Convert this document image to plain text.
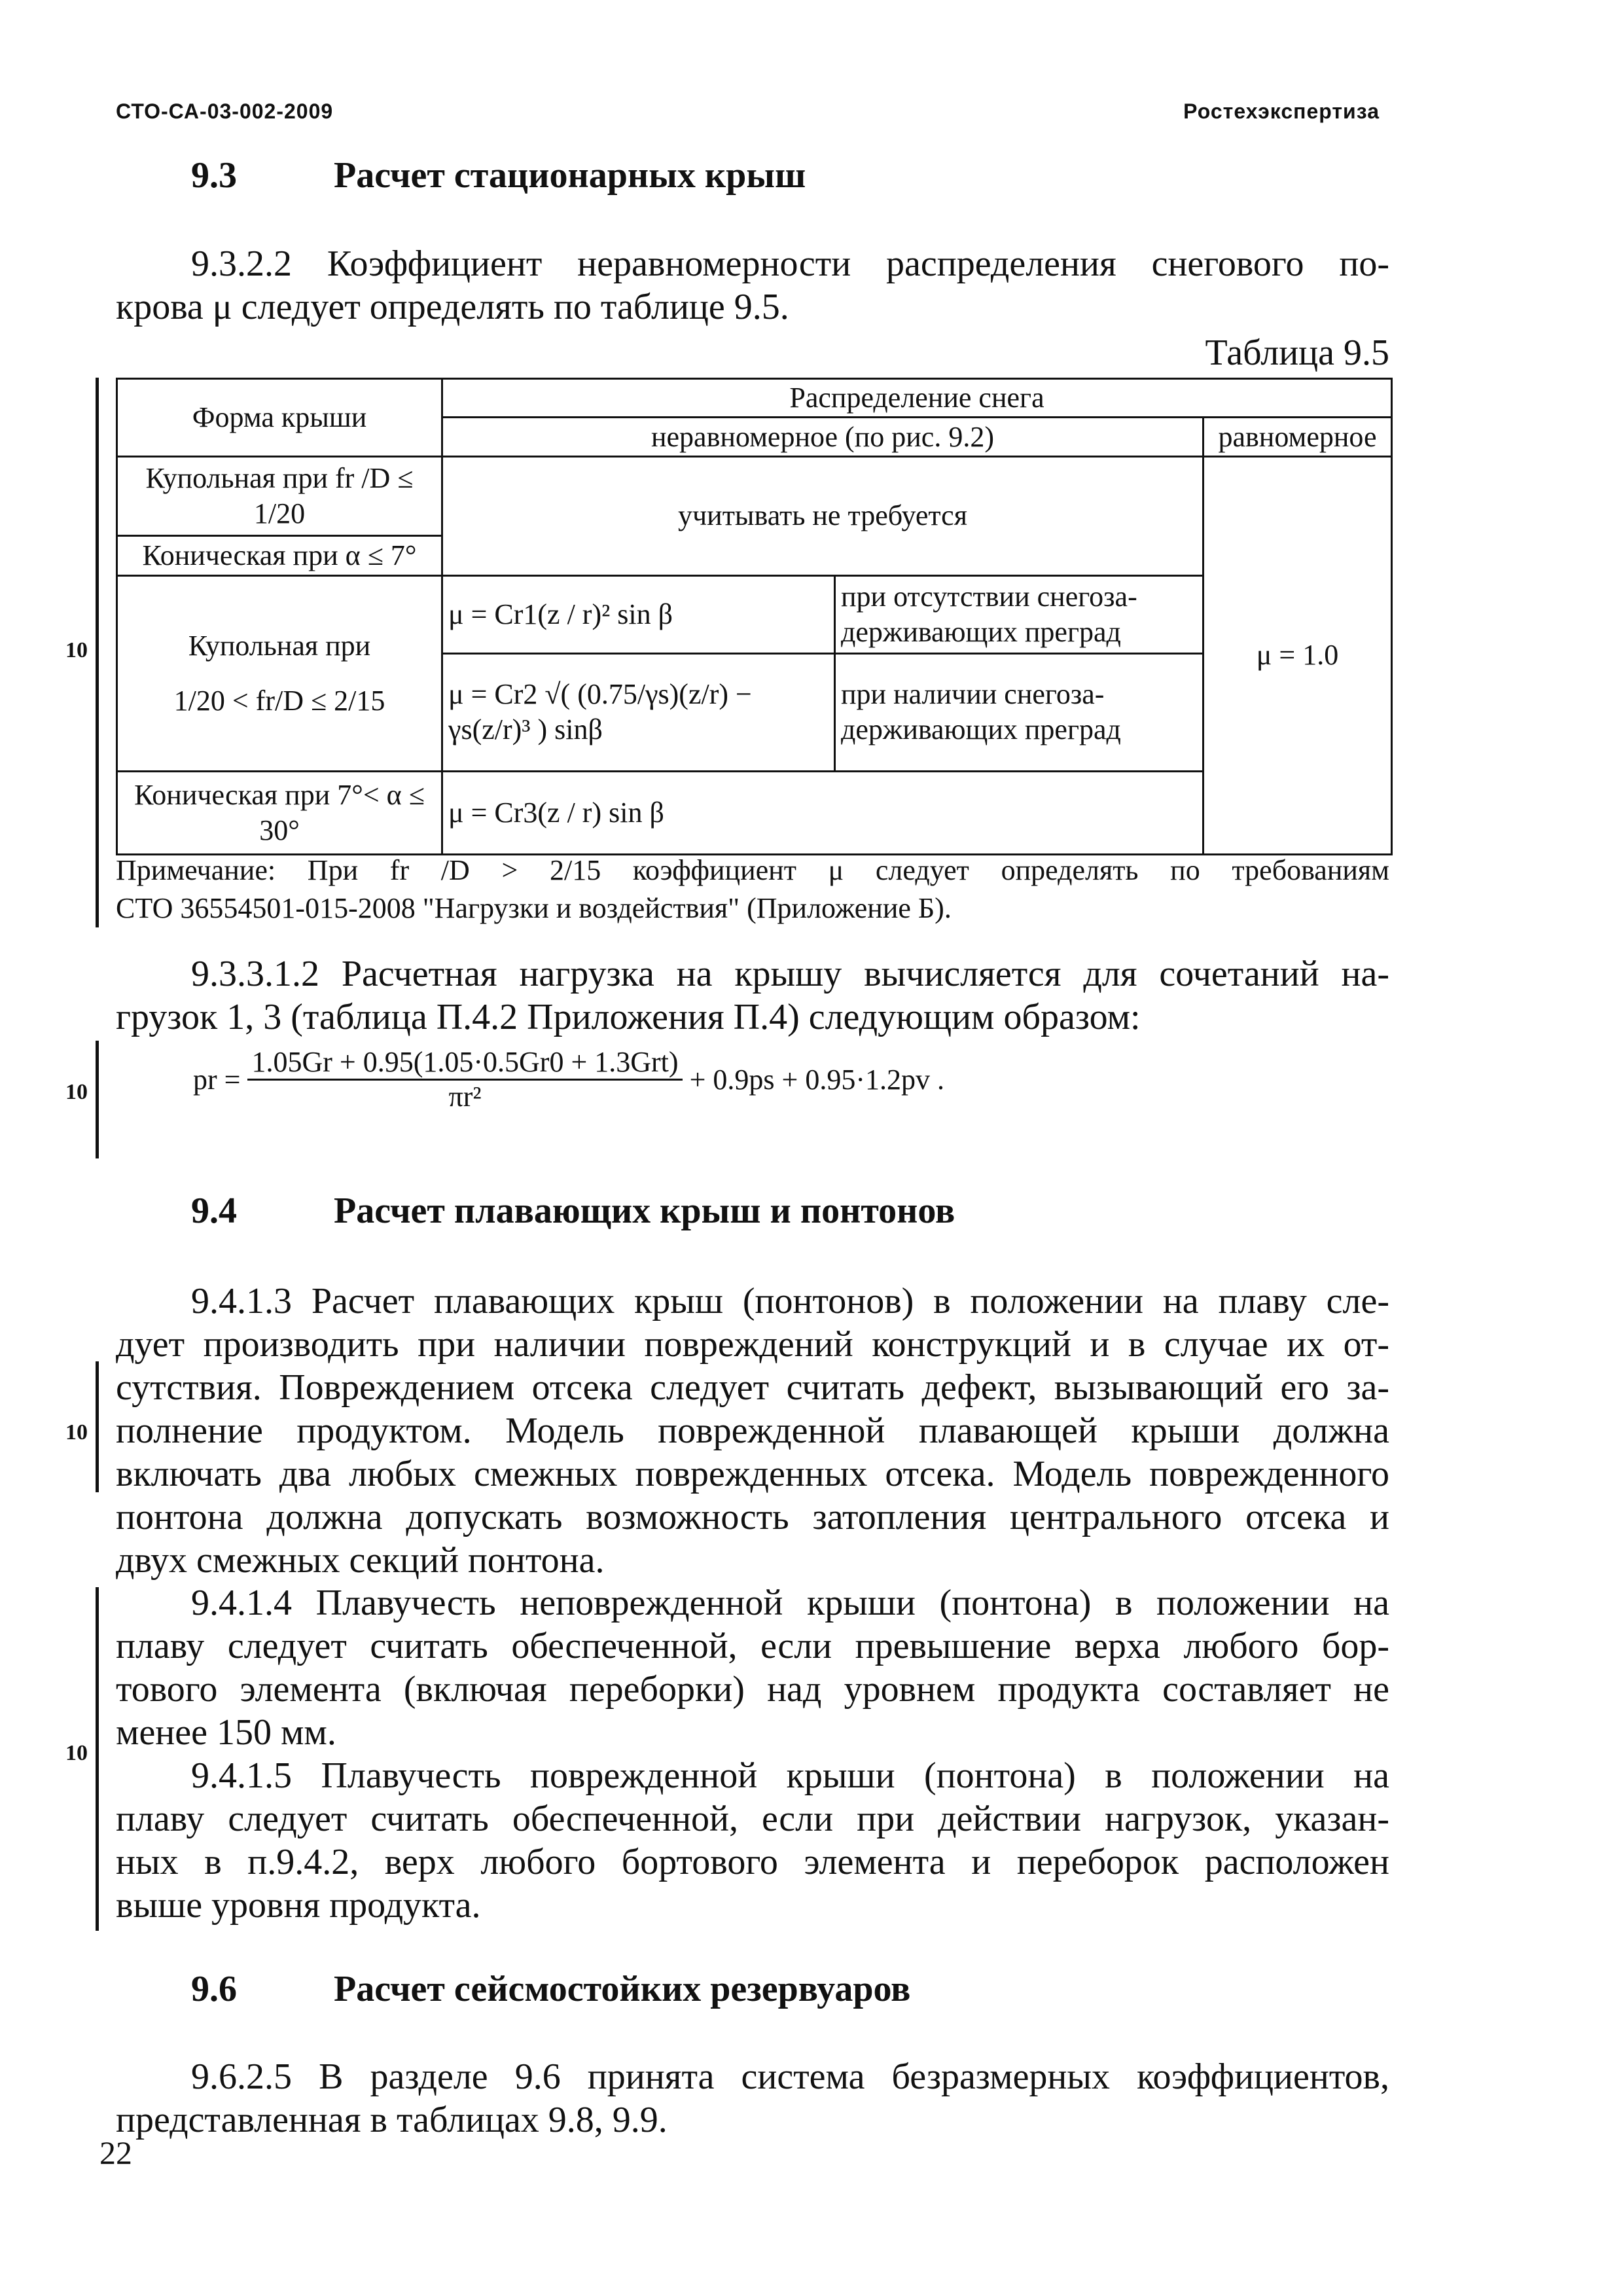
СТО-СА-03-002-2009	Ростехэкспертиза
9.3	Расчет стационарных крыш
9.3.2.2 Коэффициент неравномерности распределения снегового по-
крова μ следует определять по таблице 9.5.
Таблица 9.5
10
Форма крыши	Распределение снега		
	неравномерное (по рис. 9.2)		равномерное
Купольная при fr /D ≤ 1/20	учитывать не требуется		μ = 1.0
Коническая при α ≤ 7°			

Купольная при
1/20 < fr/D ≤ 2/15	μ = Cr1(z / r)² sin β	при отсутствии снегоза-держивающих преград	
	μ = Cr2 √( (0.75/γs)(z/r) − γs(z/r)³ ) sinβ	при наличии снегоза-держивающих преград	
Коническая при 7°< α ≤ 30°	μ = Cr3(z / r) sin β		
Примечание: При fr /D > 2/15 коэффициент μ следует определять по требованиям
СТО 36554501-015-2008 "Нагрузки и воздействия" (Приложение Б).
9.3.3.1.2 Расчетная нагрузка на крышу вычисляется для сочетаний на-
грузок 1, 3 (таблица П.4.2 Приложения П.4) следующим образом:
10	pr = $\frac{\text{1.05Gr + 0.95(1.05·0.5Gr0 + 1.3Grt)}}{\text{πr²}} + 0.9ps + 0.95\cdot 1.2pv$ .
9.4	Расчет плавающих крыш и понтонов
10
9.4.1.3 Расчет плавающих крыш (понтонов) в положении на плаву сле-
дует производить при наличии повреждений конструкций и в случае их от-
сутствия. Повреждением отсека следует считать дефект, вызывающий его за-
полнение продуктом. Модель поврежденной плавающей крыши должна
включать два любых смежных поврежденных отсека. Модель поврежденного
понтона должна допускать возможность затопления центрального отсека и
двух смежных секций понтона.
10
9.4.1.4 Плавучесть неповрежденной крыши (понтона) в положении на
плаву следует считать обеспеченной, если превышение верха любого бор-
тового элемента (включая переборки) над уровнем продукта составляет не
менее 150 мм.
9.4.1.5 Плавучесть поврежденной крыши (понтона) в положении на
плаву следует считать обеспеченной, если при действии нагрузок, указан-
ных в п.9.4.2, верх любого бортового элемента и переборок расположен
выше уровня продукта.
9.6	Расчет сейсмостойких резервуаров
9.6.2.5 В разделе 9.6 принята система безразмерных коэффициентов,
представленная в таблицах 9.8, 9.9.
22
